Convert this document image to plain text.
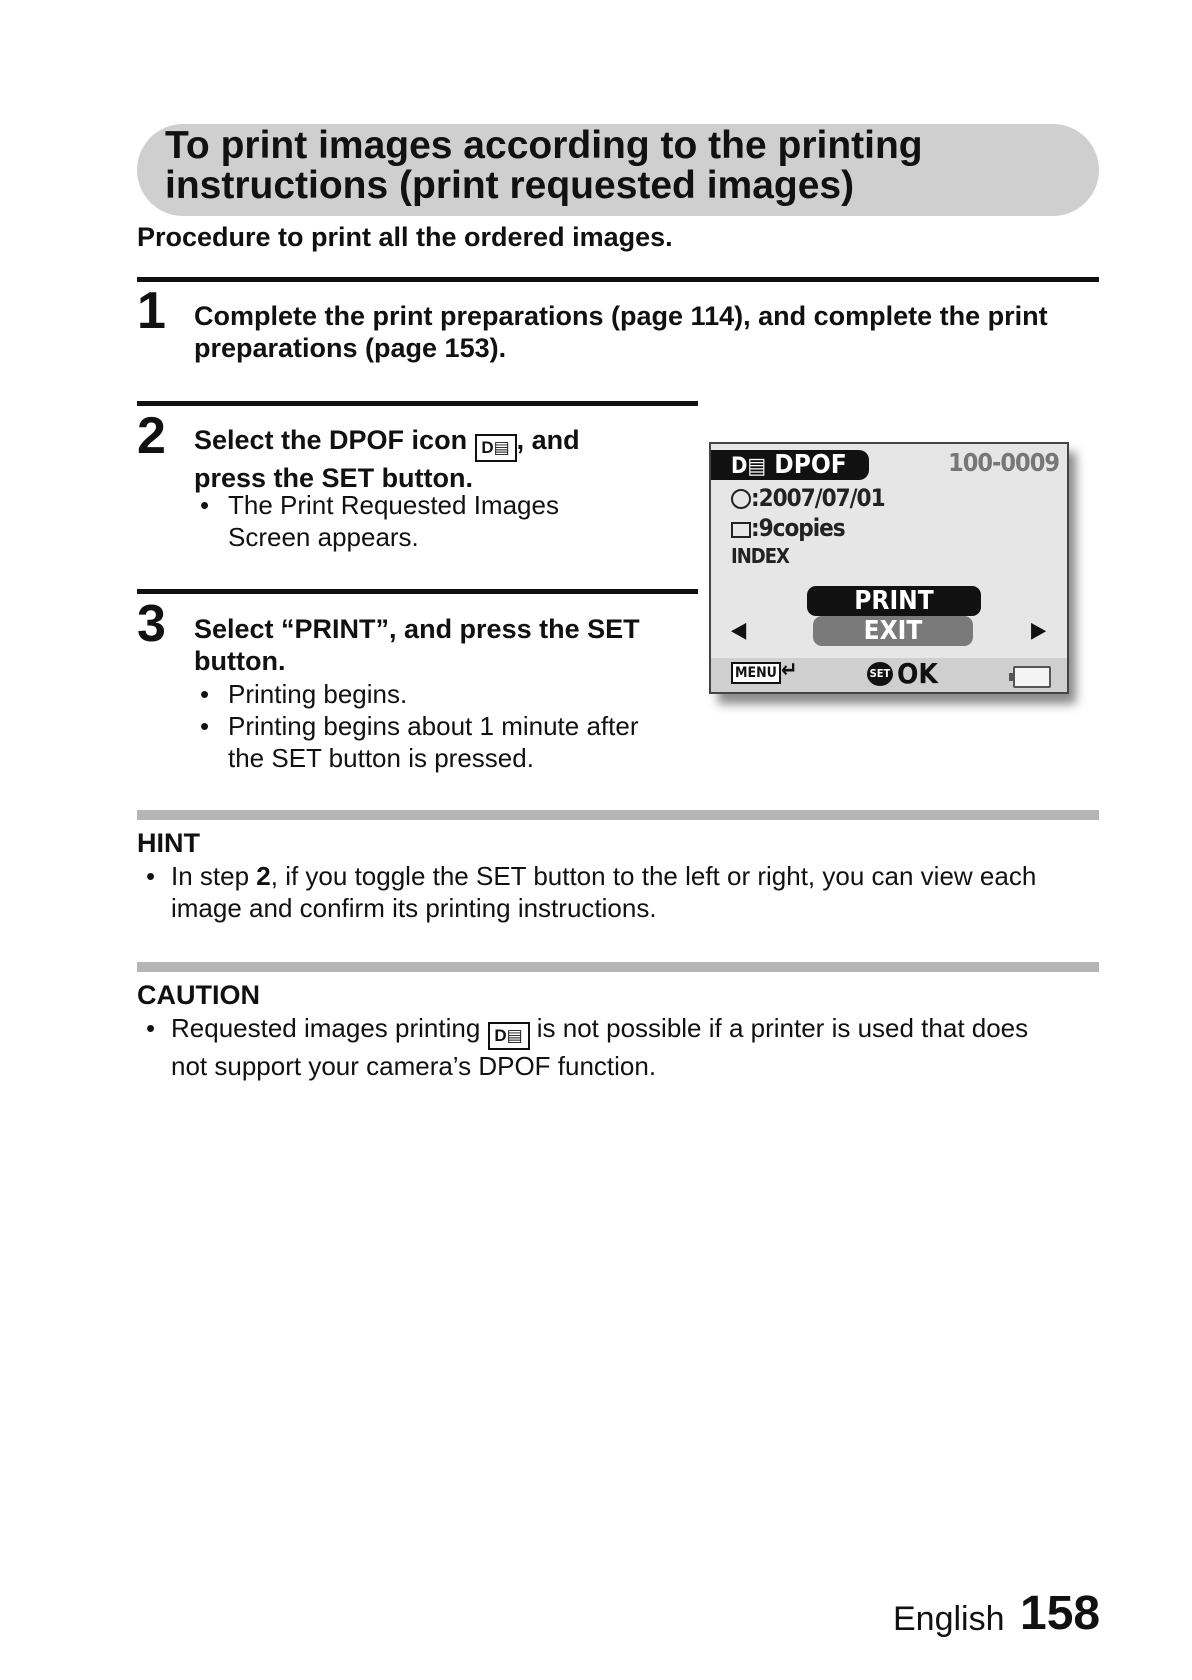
To print images according to the printing
instructions (print requested images)
Procedure to print all the ordered images.
1 Complete the print preparations (page 114), and complete the print
preparations (page 153).
2 Select the DPOF icon D▤ , and
press the SET button.
• The Print Requested Images
Screen appears.
3 Select “PRINT”, and press the SET
button.
• Printing begins.
• Printing begins about 1 minute after
the SET button is pressed.
D▤ DPOF	100-0009
:2007/07/01
:9copies
INDEX
PRINT
EXIT
◀	▶
MENU ↵	SET OK
HINT
• In step 2, if you toggle the SET button to the left or right, you can view each
image and confirm its printing instructions.
CAUTION
• Requested images printing D▤ is not possible if a printer is used that does
not support your camera’s DPOF function.
English 158
